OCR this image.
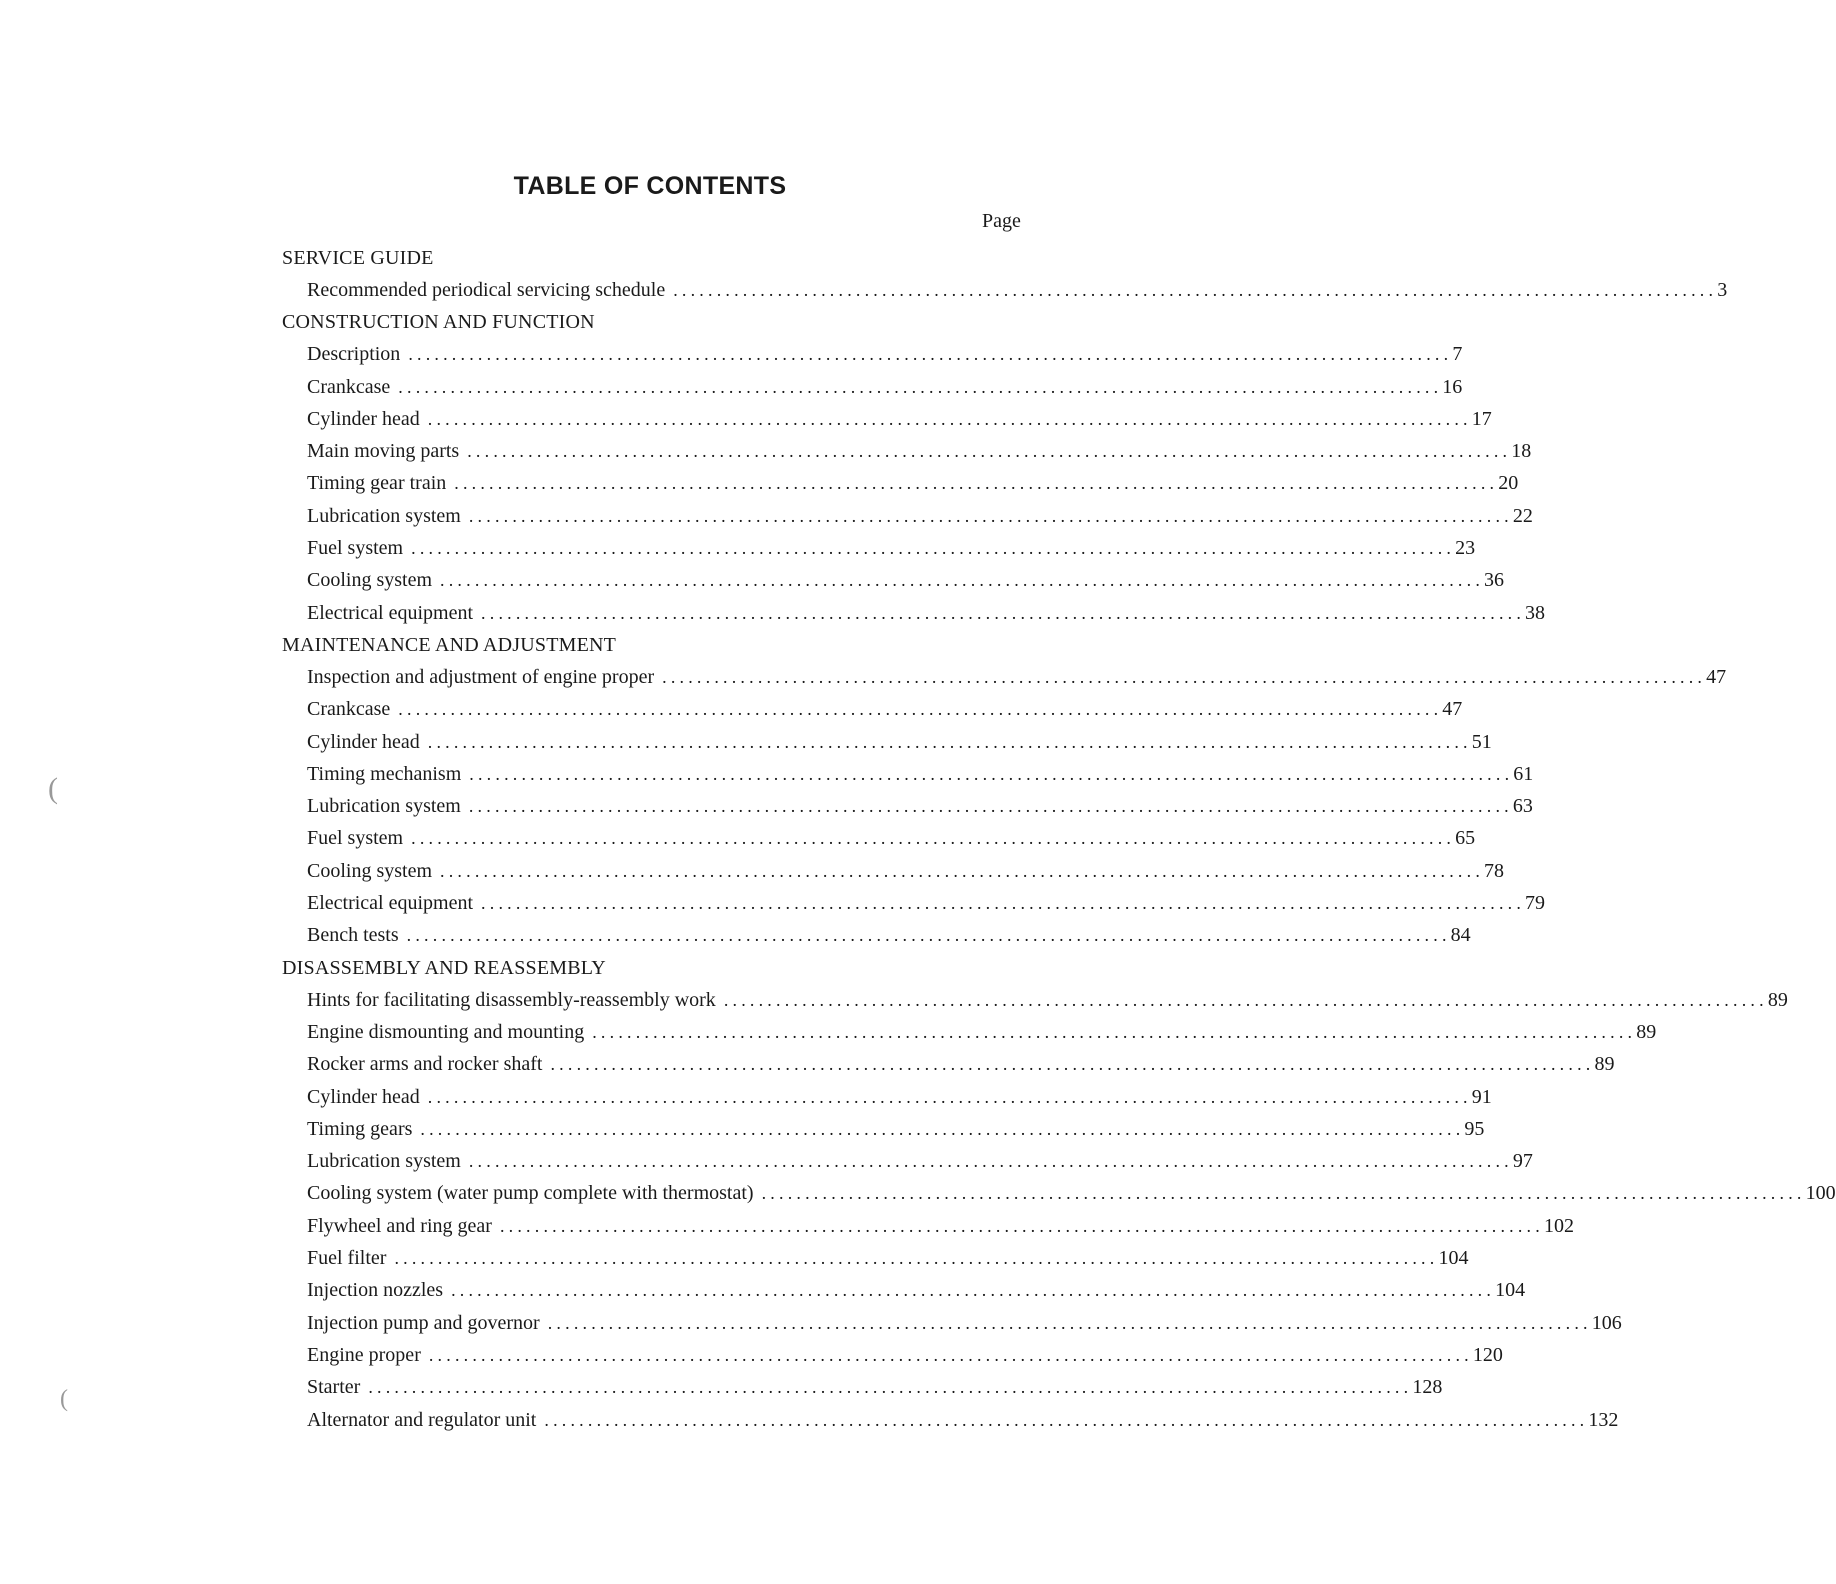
TABLE OF CONTENTS
Page
(
(
SERVICE GUIDE
Recommended periodical servicing schedule ........................................................................................................................ 3
CONSTRUCTION AND FUNCTION
Description ........................................................................................................................ 7
Crankcase ........................................................................................................................ 16
Cylinder head ........................................................................................................................ 17
Main moving parts ........................................................................................................................ 18
Timing gear train ........................................................................................................................ 20
Lubrication system ........................................................................................................................ 22
Fuel system ........................................................................................................................ 23
Cooling system ........................................................................................................................ 36
Electrical equipment ........................................................................................................................ 38
MAINTENANCE AND ADJUSTMENT
Inspection and adjustment of engine proper ........................................................................................................................ 47
Crankcase ........................................................................................................................ 47
Cylinder head ........................................................................................................................ 51
Timing mechanism ........................................................................................................................ 61
Lubrication system ........................................................................................................................ 63
Fuel system ........................................................................................................................ 65
Cooling system ........................................................................................................................ 78
Electrical equipment ........................................................................................................................ 79
Bench tests ........................................................................................................................ 84
DISASSEMBLY AND REASSEMBLY
Hints for facilitating disassembly-reassembly work ........................................................................................................................ 89
Engine dismounting and mounting ........................................................................................................................ 89
Rocker arms and rocker shaft ........................................................................................................................ 89
Cylinder head ........................................................................................................................ 91
Timing gears ........................................................................................................................ 95
Lubrication system ........................................................................................................................ 97
Cooling system (water pump complete with thermostat) ........................................................................................................................ 100
Flywheel and ring gear ........................................................................................................................ 102
Fuel filter ........................................................................................................................ 104
Injection nozzles ........................................................................................................................ 104
Injection pump and governor ........................................................................................................................ 106
Engine proper ........................................................................................................................ 120
Starter ........................................................................................................................ 128
Alternator and regulator unit ........................................................................................................................ 132
